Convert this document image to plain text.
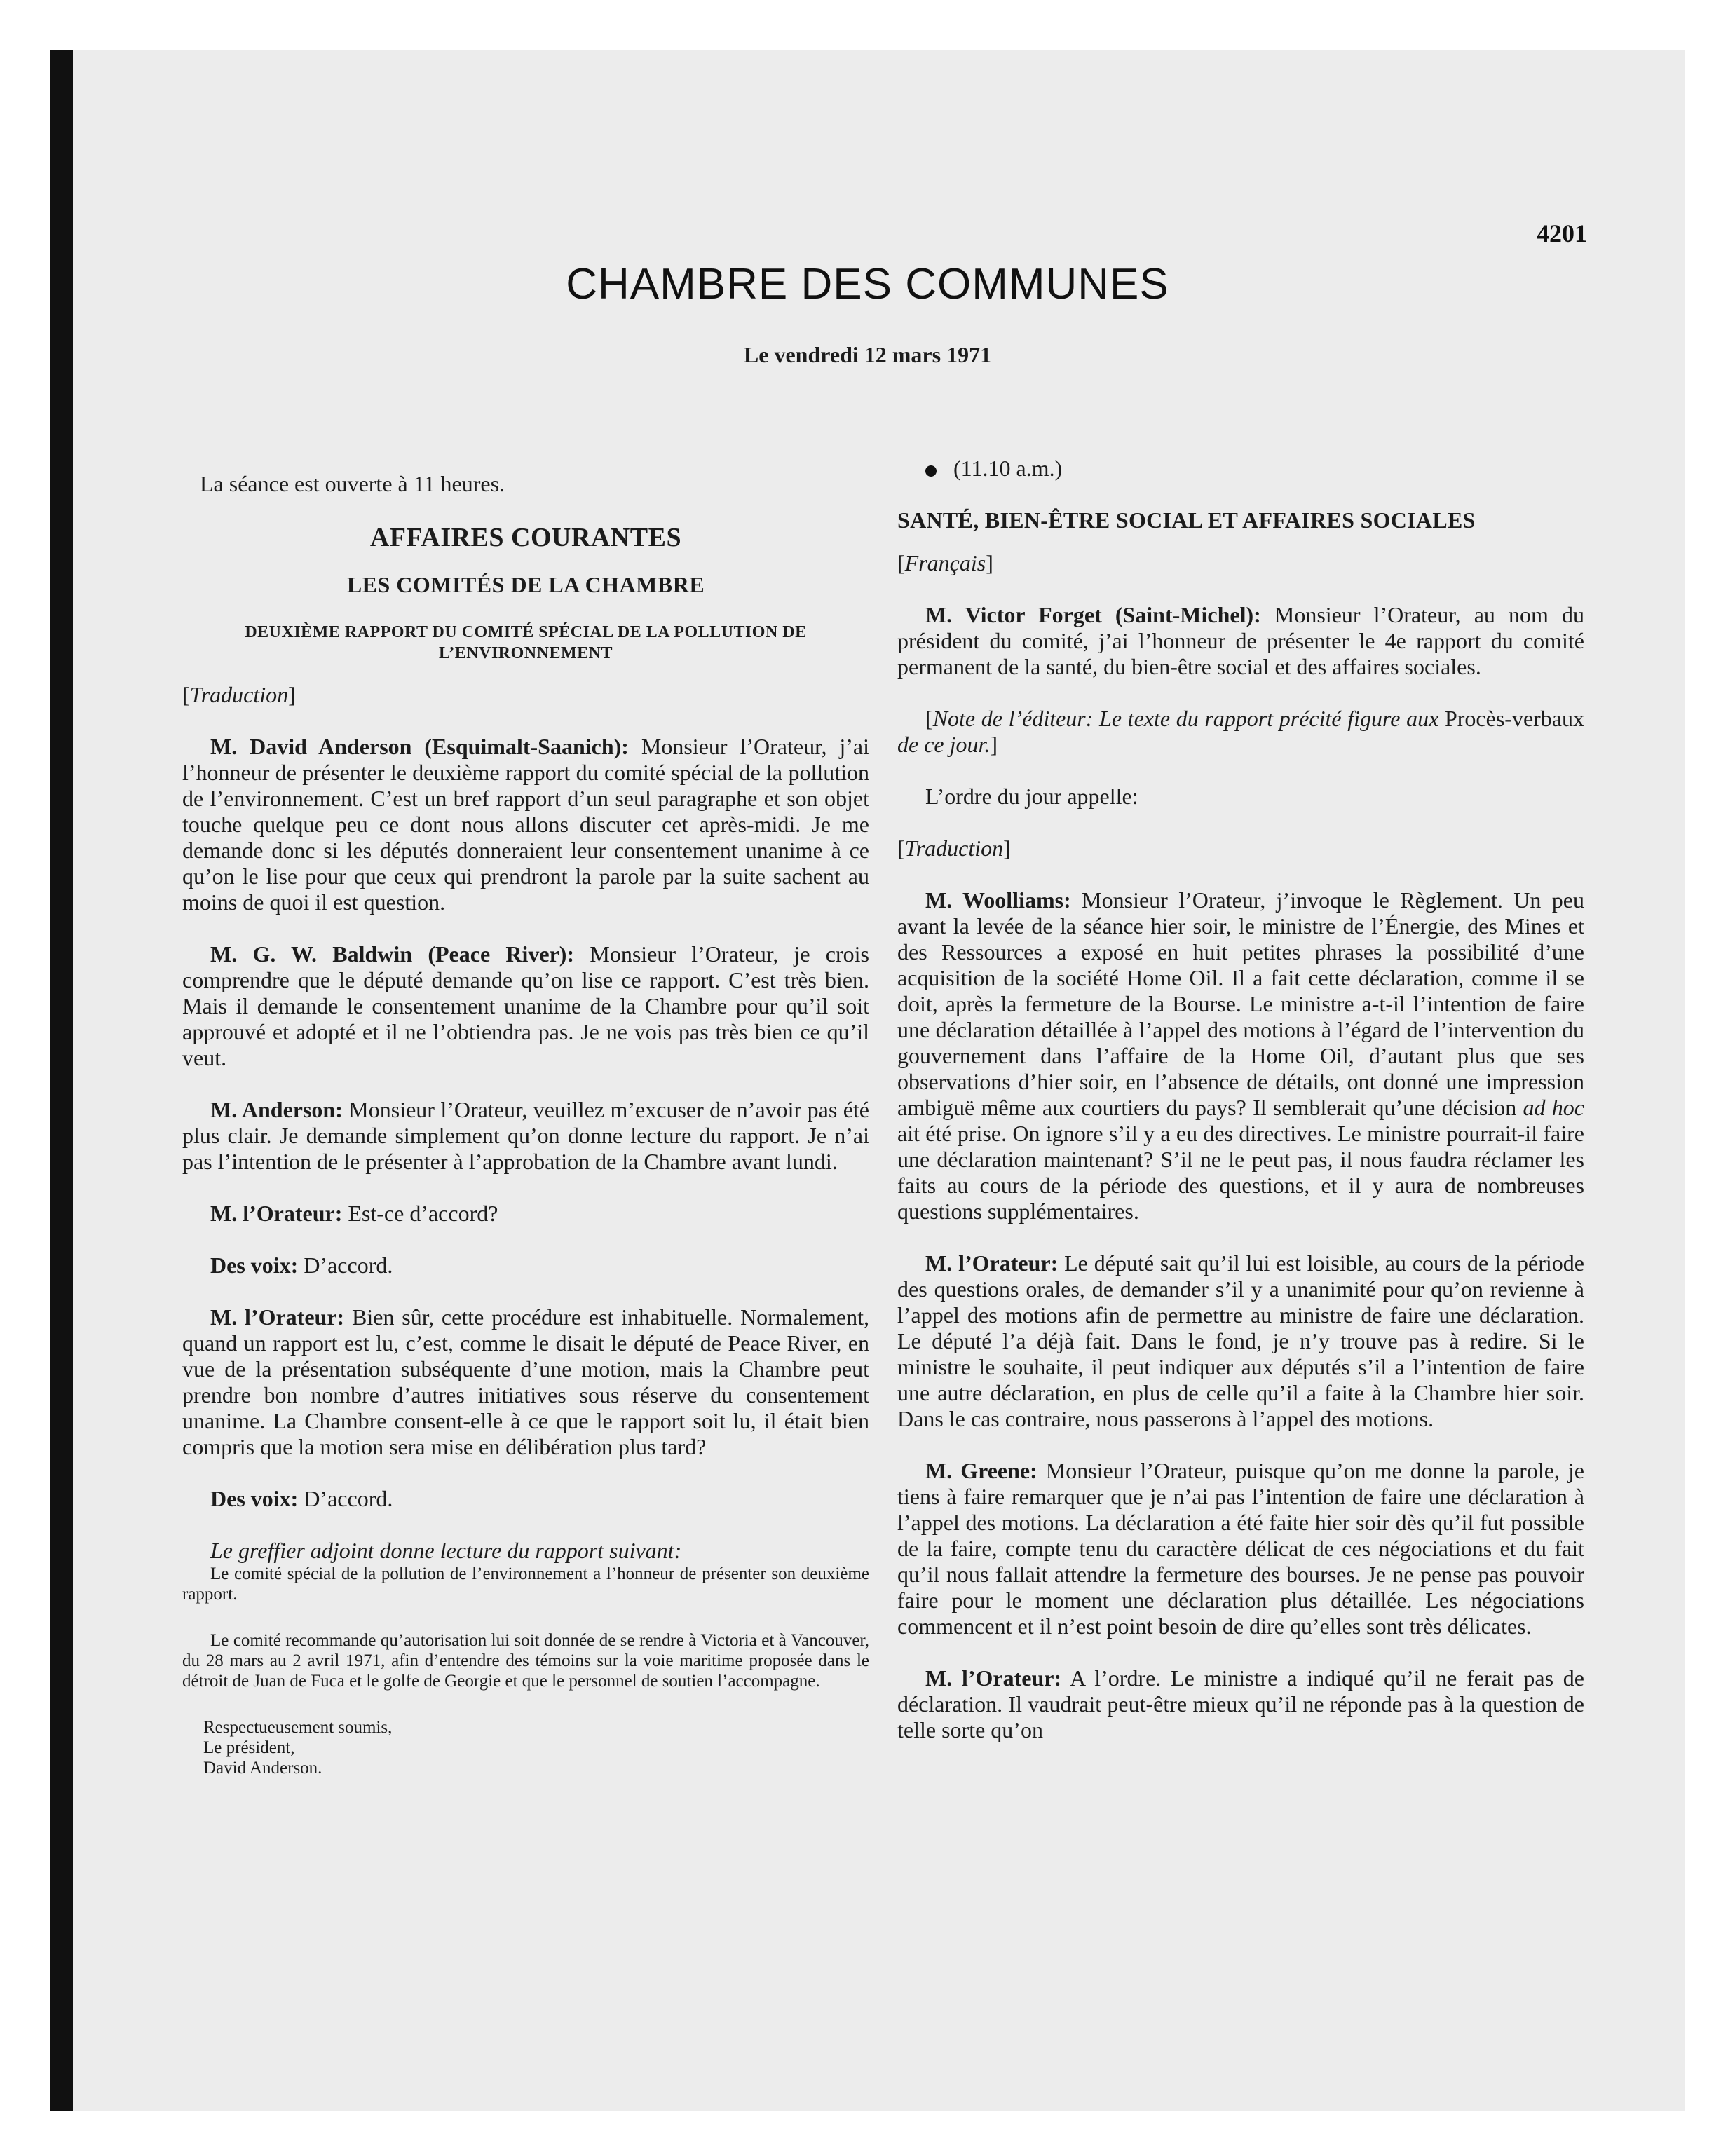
4201
CHAMBRE DES COMMUNES
Le vendredi 12 mars 1971

La séance est ouverte à 11 heures.

AFFAIRES COURANTES
LES COMITÉS DE LA CHAMBRE
DEUXIÈME RAPPORT DU COMITÉ SPÉCIAL DE LA POLLUTION DE L’ENVIRONNEMENT

[Traduction]

M. David Anderson (Esquimalt-Saanich): Monsieur l’Orateur, j’ai l’honneur de présenter le deuxième rapport du comité spécial de la pollution de l’environnement. C’est un bref rapport d’un seul paragraphe et son objet touche quelque peu ce dont nous allons discuter cet après-midi. Je me demande donc si les députés donneraient leur consentement unanime à ce qu’on le lise pour que ceux qui prendront la parole par la suite sachent au moins de quoi il est question.

M. G. W. Baldwin (Peace River): Monsieur l’Orateur, je crois comprendre que le député demande qu’on lise ce rapport. C’est très bien. Mais il demande le consentement unanime de la Chambre pour qu’il soit approuvé et adopté et il ne l’obtiendra pas. Je ne vois pas très bien ce qu’il veut.

M. Anderson: Monsieur l’Orateur, veuillez m’excuser de n’avoir pas été plus clair. Je demande simplement qu’on donne lecture du rapport. Je n’ai pas l’intention de le présenter à l’approbation de la Chambre avant lundi.

M. l’Orateur: Est-ce d’accord?

Des voix: D’accord.

M. l’Orateur: Bien sûr, cette procédure est inhabituelle. Normalement, quand un rapport est lu, c’est, comme le disait le député de Peace River, en vue de la présentation subséquente d’une motion, mais la Chambre peut prendre bon nombre d’autres initiatives sous réserve du consentement unanime. La Chambre consent-elle à ce que le rapport soit lu, il était bien compris que la motion sera mise en délibération plus tard?

Des voix: D’accord.

Le greffier adjoint donne lecture du rapport suivant:

Le comité spécial de la pollution de l’environnement a l’honneur de présenter son deuxième rapport.

Le comité recommande qu’autorisation lui soit donnée de se rendre à Victoria et à Vancouver, du 28 mars au 2 avril 1971, afin d’entendre des témoins sur la voie maritime proposée dans le détroit de Juan de Fuca et le golfe de Georgie et que le personnel de soutien l’accompagne.

Respectueusement soumis,

Le président,

David Anderson.

(11.10 a.m.)

SANTÉ, BIEN-ÊTRE SOCIAL ET AFFAIRES SOCIALES

[Français]

M. Victor Forget (Saint-Michel): Monsieur l’Orateur, au nom du président du comité, j’ai l’honneur de présenter le 4e rapport du comité permanent de la santé, du bien-être social et des affaires sociales.

[Note de l’éditeur: Le texte du rapport précité figure aux Procès-verbaux de ce jour.]

L’ordre du jour appelle:

[Traduction]

M. Woolliams: Monsieur l’Orateur, j’invoque le Règlement. Un peu avant la levée de la séance hier soir, le ministre de l’Énergie, des Mines et des Ressources a exposé en huit petites phrases la possibilité d’une acquisition de la société Home Oil. Il a fait cette déclaration, comme il se doit, après la fermeture de la Bourse. Le ministre a-t-il l’intention de faire une déclaration détaillée à l’appel des motions à l’égard de l’intervention du gouvernement dans l’affaire de la Home Oil, d’autant plus que ses observations d’hier soir, en l’absence de détails, ont donné une impression ambiguë même aux courtiers du pays? Il semblerait qu’une décision ad hoc ait été prise. On ignore s’il y a eu des directives. Le ministre pourrait-il faire une déclaration maintenant? S’il ne le peut pas, il nous faudra réclamer les faits au cours de la période des questions, et il y aura de nombreuses questions supplémentaires.

M. l’Orateur: Le député sait qu’il lui est loisible, au cours de la période des questions orales, de demander s’il y a unanimité pour qu’on revienne à l’appel des motions afin de permettre au ministre de faire une déclaration. Le député l’a déjà fait. Dans le fond, je n’y trouve pas à redire. Si le ministre le souhaite, il peut indiquer aux députés s’il a l’intention de faire une autre déclaration, en plus de celle qu’il a faite à la Chambre hier soir. Dans le cas contraire, nous passerons à l’appel des motions.

M. Greene: Monsieur l’Orateur, puisque qu’on me donne la parole, je tiens à faire remarquer que je n’ai pas l’intention de faire une déclaration à l’appel des motions. La déclaration a été faite hier soir dès qu’il fut possible de la faire, compte tenu du caractère délicat de ces négociations et du fait qu’il nous fallait attendre la fermeture des bourses. Je ne pense pas pouvoir faire pour le moment une déclaration plus détaillée. Les négociations commencent et il n’est point besoin de dire qu’elles sont très délicates.

M. l’Orateur: A l’ordre. Le ministre a indiqué qu’il ne ferait pas de déclaration. Il vaudrait peut-être mieux qu’il ne réponde pas à la question de telle sorte qu’on
